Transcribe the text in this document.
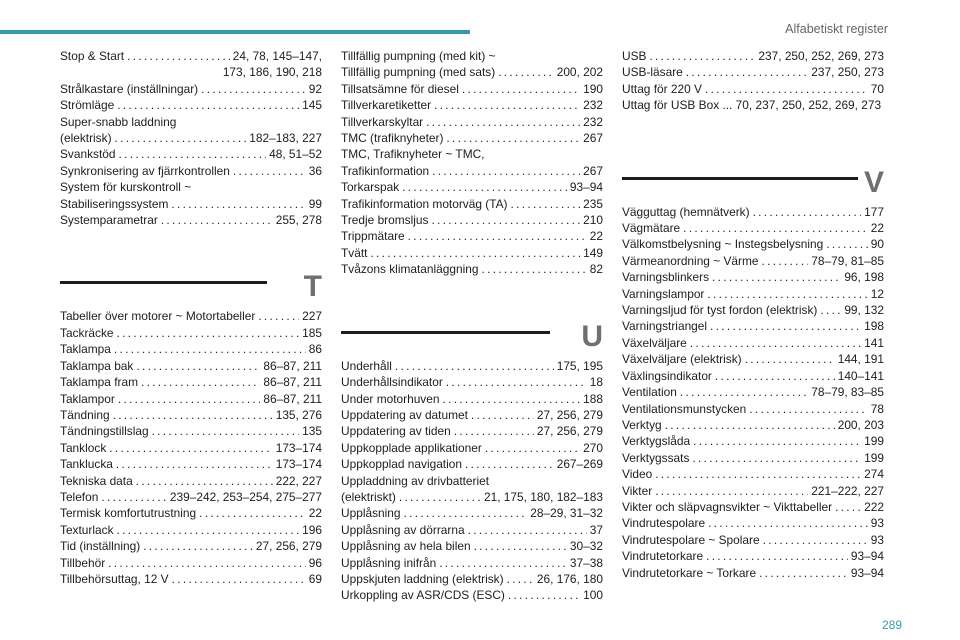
Alfabetiskt register
Stop & Start . . .	24, 78, 145–147,
173, 186, 190, 218
Strålkastare (inställningar) . . .	92
Strömläge . . .	145
Super-snabb laddning
(elektrisk) . . .	182–183, 227
Svankstöd . . .	48, 51–52
Synkronisering av fjärrkontrollen . . .	36
System för kurskontroll ~
Stabiliseringssystem . . .	99
Systemparametrar . . .	255, 278
T
Tabeller över motorer ~ Motortabeller . . .	227
Tackräcke . . .	185
Taklampa . . .	86
Taklampa bak . . .	86–87, 211
Taklampa fram . . .	86–87, 211
Taklampor . . .	86–87, 211
Tändning . . .	135, 276
Tändningstillslag . . .	135
Tanklock . . .	173–174
Tanklucka . . .	173–174
Tekniska data . . .	222, 227
Telefon . . .	239–242, 253–254, 275–277
Termisk komfortutrustning . . .	22
Texturlack . . .	196
Tid (inställning) . . .	27, 256, 279
Tillbehör . . .	96
Tillbehörsuttag, 12 V . . .	69
Tillfällig pumpning (med kit) ~
Tillfällig pumpning (med sats) . . .	200, 202
Tillsatsämne för diesel . . .	190
Tillverkaretiketter . . .	232
Tillverkarskyltar . . .	232
TMC (trafiknyheter) . . .	267
TMC, Trafiknyheter ~ TMC,
Trafikinformation . . .	267
Torkarspak . . .	93–94
Trafikinformation motorväg (TA) . . .	235
Tredje bromsljus . . .	210
Trippmätare . . .	22
Tvätt . . .	149
Tvåzons klimatanläggning . . .	82
U
Underhåll . . .	175, 195
Underhållsindikator . . .	18
Under motorhuven . . .	188
Uppdatering av datumet . . .	27, 256, 279
Uppdatering av tiden . . .	27, 256, 279
Uppkopplade applikationer . . .	270
Uppkopplad navigation . . .	267–269
Uppladdning av drivbatteriet
(elektriskt) . . .	21, 175, 180, 182–183
Upplåsning . . .	28–29, 31–32
Upplåsning av dörrarna . . .	37
Upplåsning av hela bilen . . .	30–32
Upplåsning inifrån . . .	37–38
Uppskjuten laddning (elektrisk) . . .	26, 176, 180
Urkoppling av ASR/CDS (ESC) . . .	100
USB . . .	237, 250, 252, 269, 273
USB-läsare . . .	237, 250, 273
Uttag för 220 V . . .	70
Uttag för USB Box ... 70, 237, 250, 252, 269, 273
V
Vägguttag (hemnätverk) . . .	177
Vägmätare . . .	22
Välkomstbelysning ~ Instegsbelysning . . .	90
Värmeanordning ~ Värme . . .	78–79, 81–85
Varningsblinkers . . .	96, 198
Varningslampor . . .	12
Varningsljud för tyst fordon (elektrisk) . . . 99, 132
Varningstriangel . . .	198
Växelväljare . . .	141
Växelväljare (elektrisk) . . .	144, 191
Växlingsindikator . . .	140–141
Ventilation . . .	78–79, 83–85
Ventilationsmunstycken . . .	78
Verktyg . . .	200, 203
Verktygslåda . . .	199
Verktygssats . . .	199
Video . . .	274
Vikter . . .	221–222, 227
Vikter och släpvagnsvikter ~ Vikttabeller . . .	222
Vindrutespolare . . .	93
Vindrutespolare ~ Spolare . . .	93
Vindrutetorkare . . .	93–94
Vindrutetorkare ~ Torkare . . .	93–94
289
